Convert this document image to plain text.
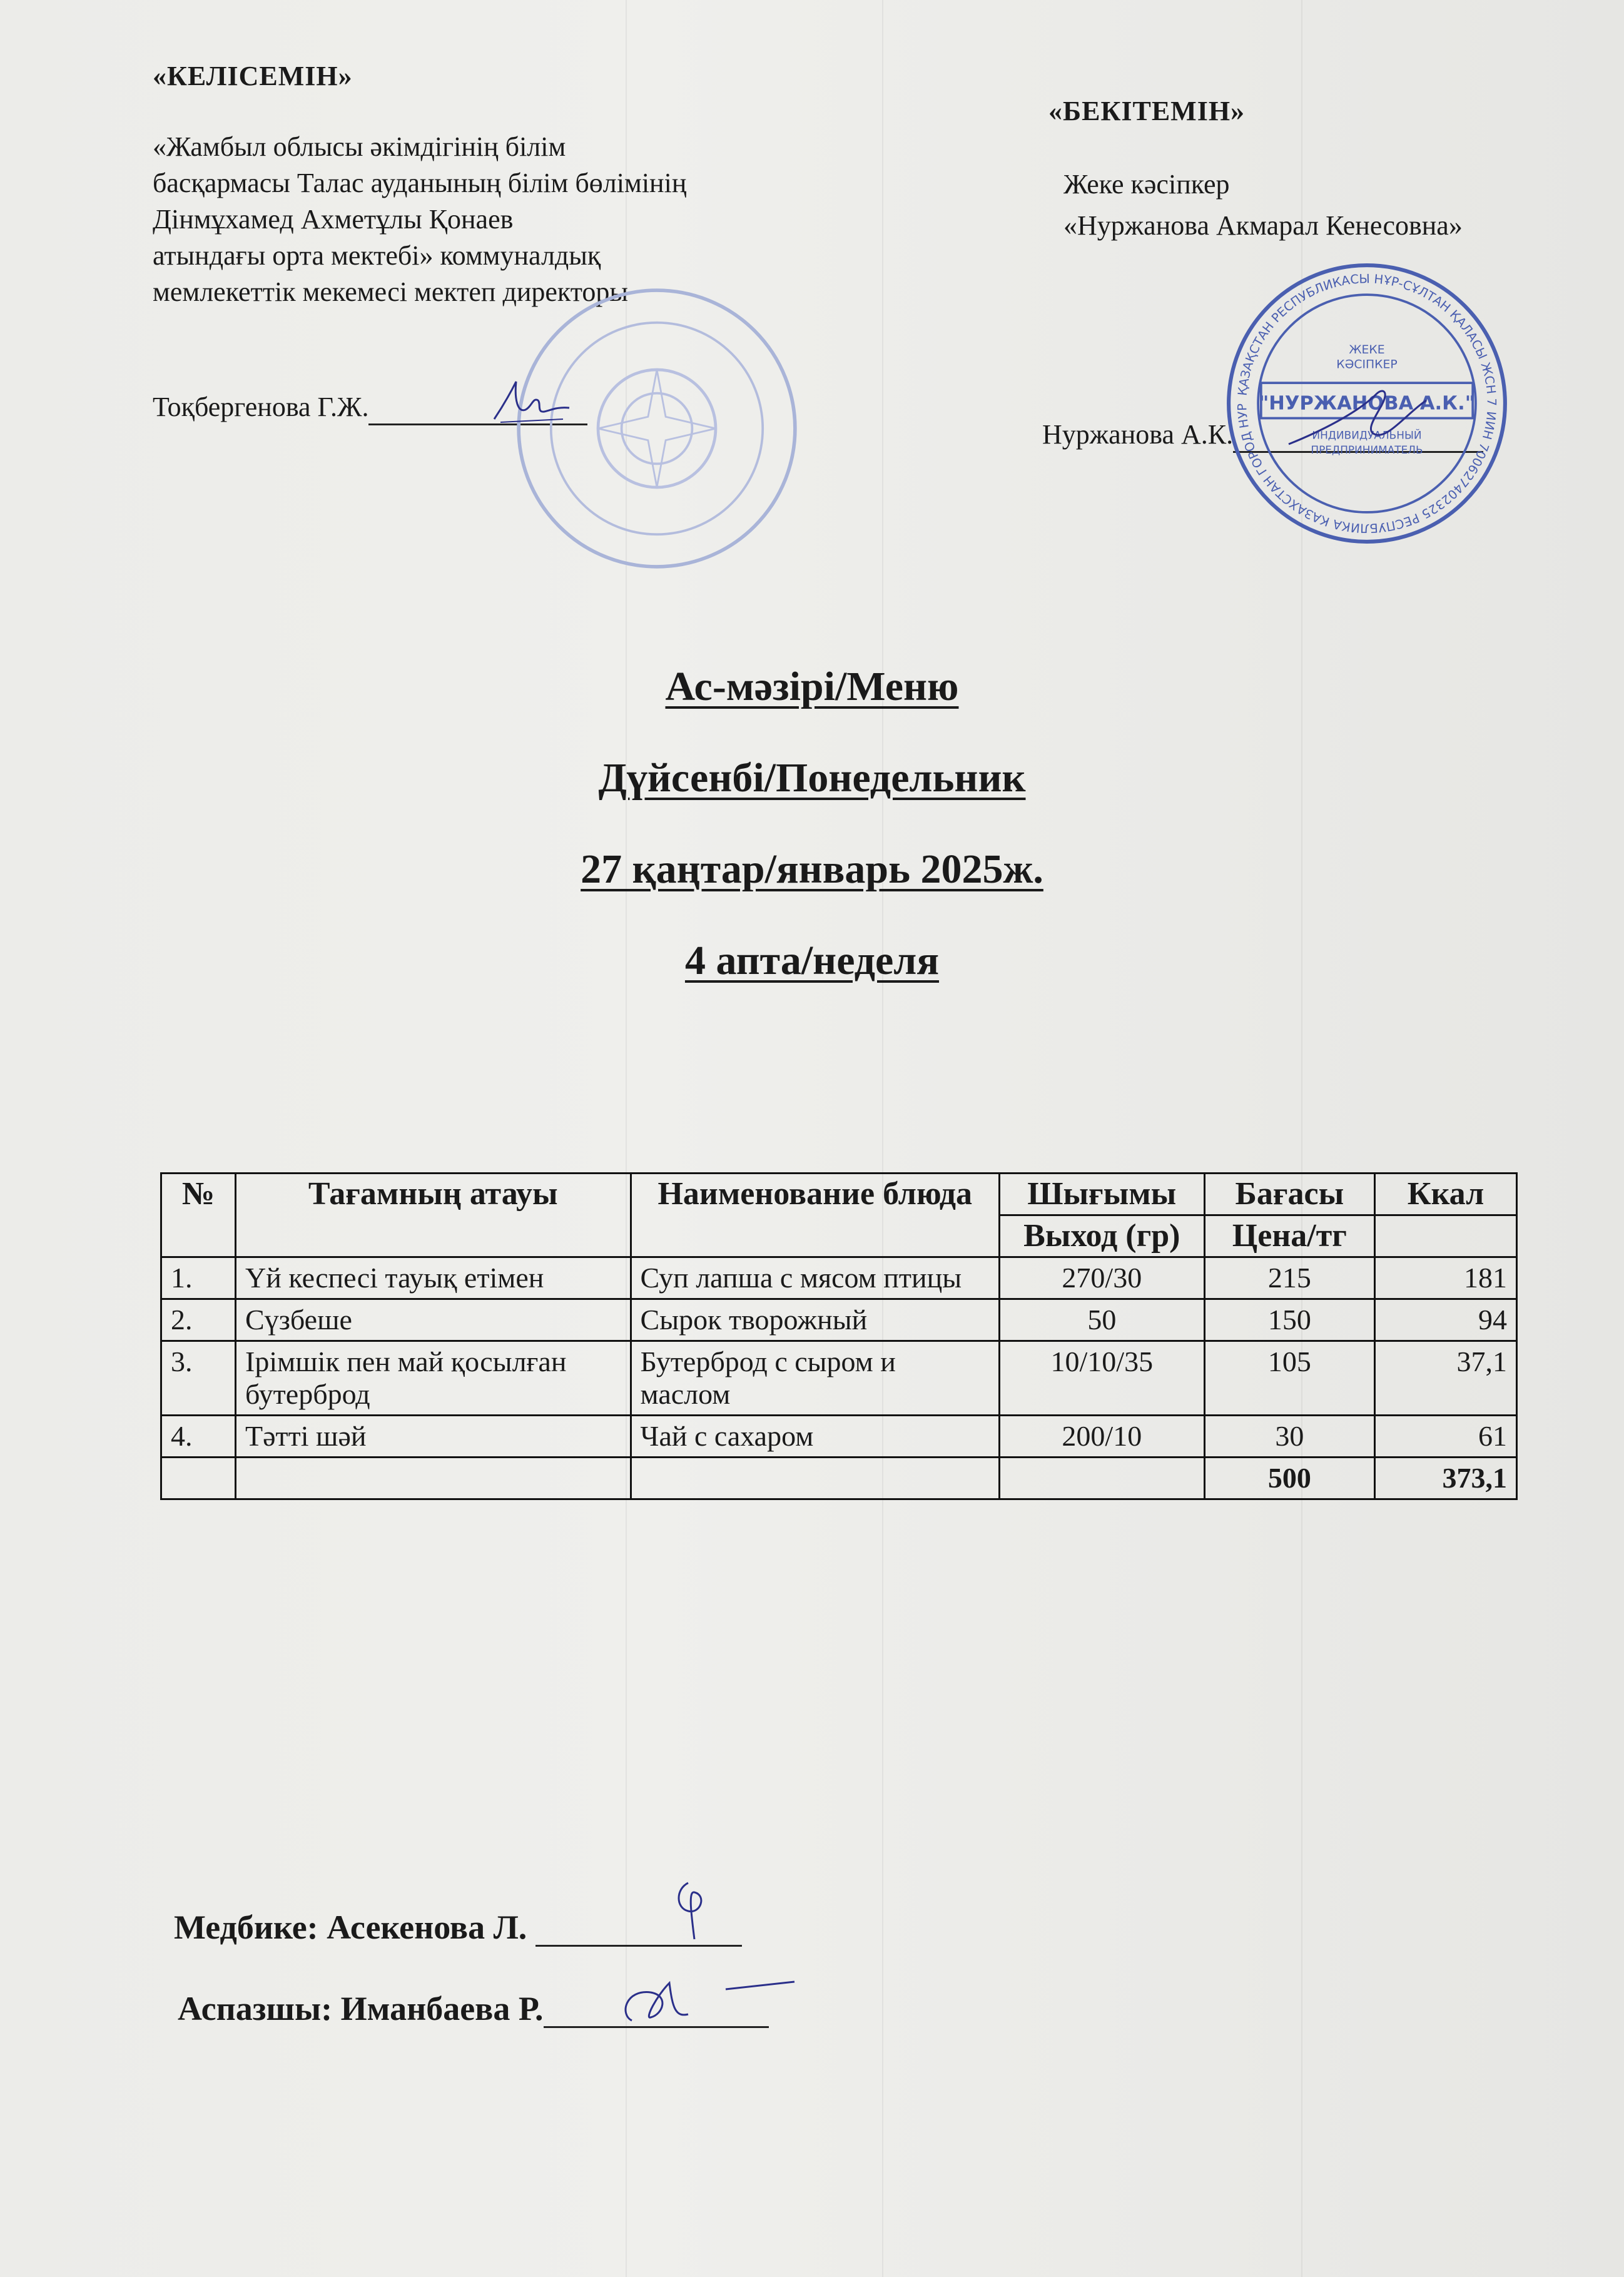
«КЕЛІСЕМІН»
«Жамбыл облысы әкімдігінің білім
басқармасы Талас ауданының білім бөлімінің
Дінмұхамед Ахметұлы Қонаев
атындағы орта мектебі» коммуналдық
мемлекеттік мекемесі мектеп директоры
Тоқбергенова Г.Ж.
«БЕКІТЕМІН»
Жеке кәсіпкер
«Нуржанова Акмарал Кенесовна»
Нуржанова А.К.
ҚАЗАҚСТАН РЕСПУБЛИКАСЫ НҰР-СҰЛТАН ҚАЛАСЫ ЖСН 7
ИИН 700627402325 РЕСПУБЛИКА КАЗАХСТАН ГОРОД НУР
ЖЕКЕ
КӘСІПКЕР
"НУРЖАНОВА А.К."
ИНДИВИДУАЛЬНЫЙ
ПРЕДПРИНИМАТЕЛЬ
Ас-мәзірі/Меню
Дүйсенбі/Понедельник
27 қаңтар/январь 2025ж.
4 апта/неделя
№	Тағамның атауы	Наименование блюда	Шығымы	Бағасы	Ккал
			Выход (гр)	Цена/тг	
1.	Үй кеспесі тауық етімен	Суп лапша с мясом птицы	270/30	215	181
2.	Сүзбеше	Сырок творожный	50	150	94
3.	Ірімшік пен май қосылған бутерброд	Бутерброд с сыром и маслом	10/10/35	105	37,1
4.	Тәтті шәй	Чай с сахаром	200/10	30	61
				500	373,1
Медбике: Асекенова Л.
Аспазшы: Иманбаева Р.
